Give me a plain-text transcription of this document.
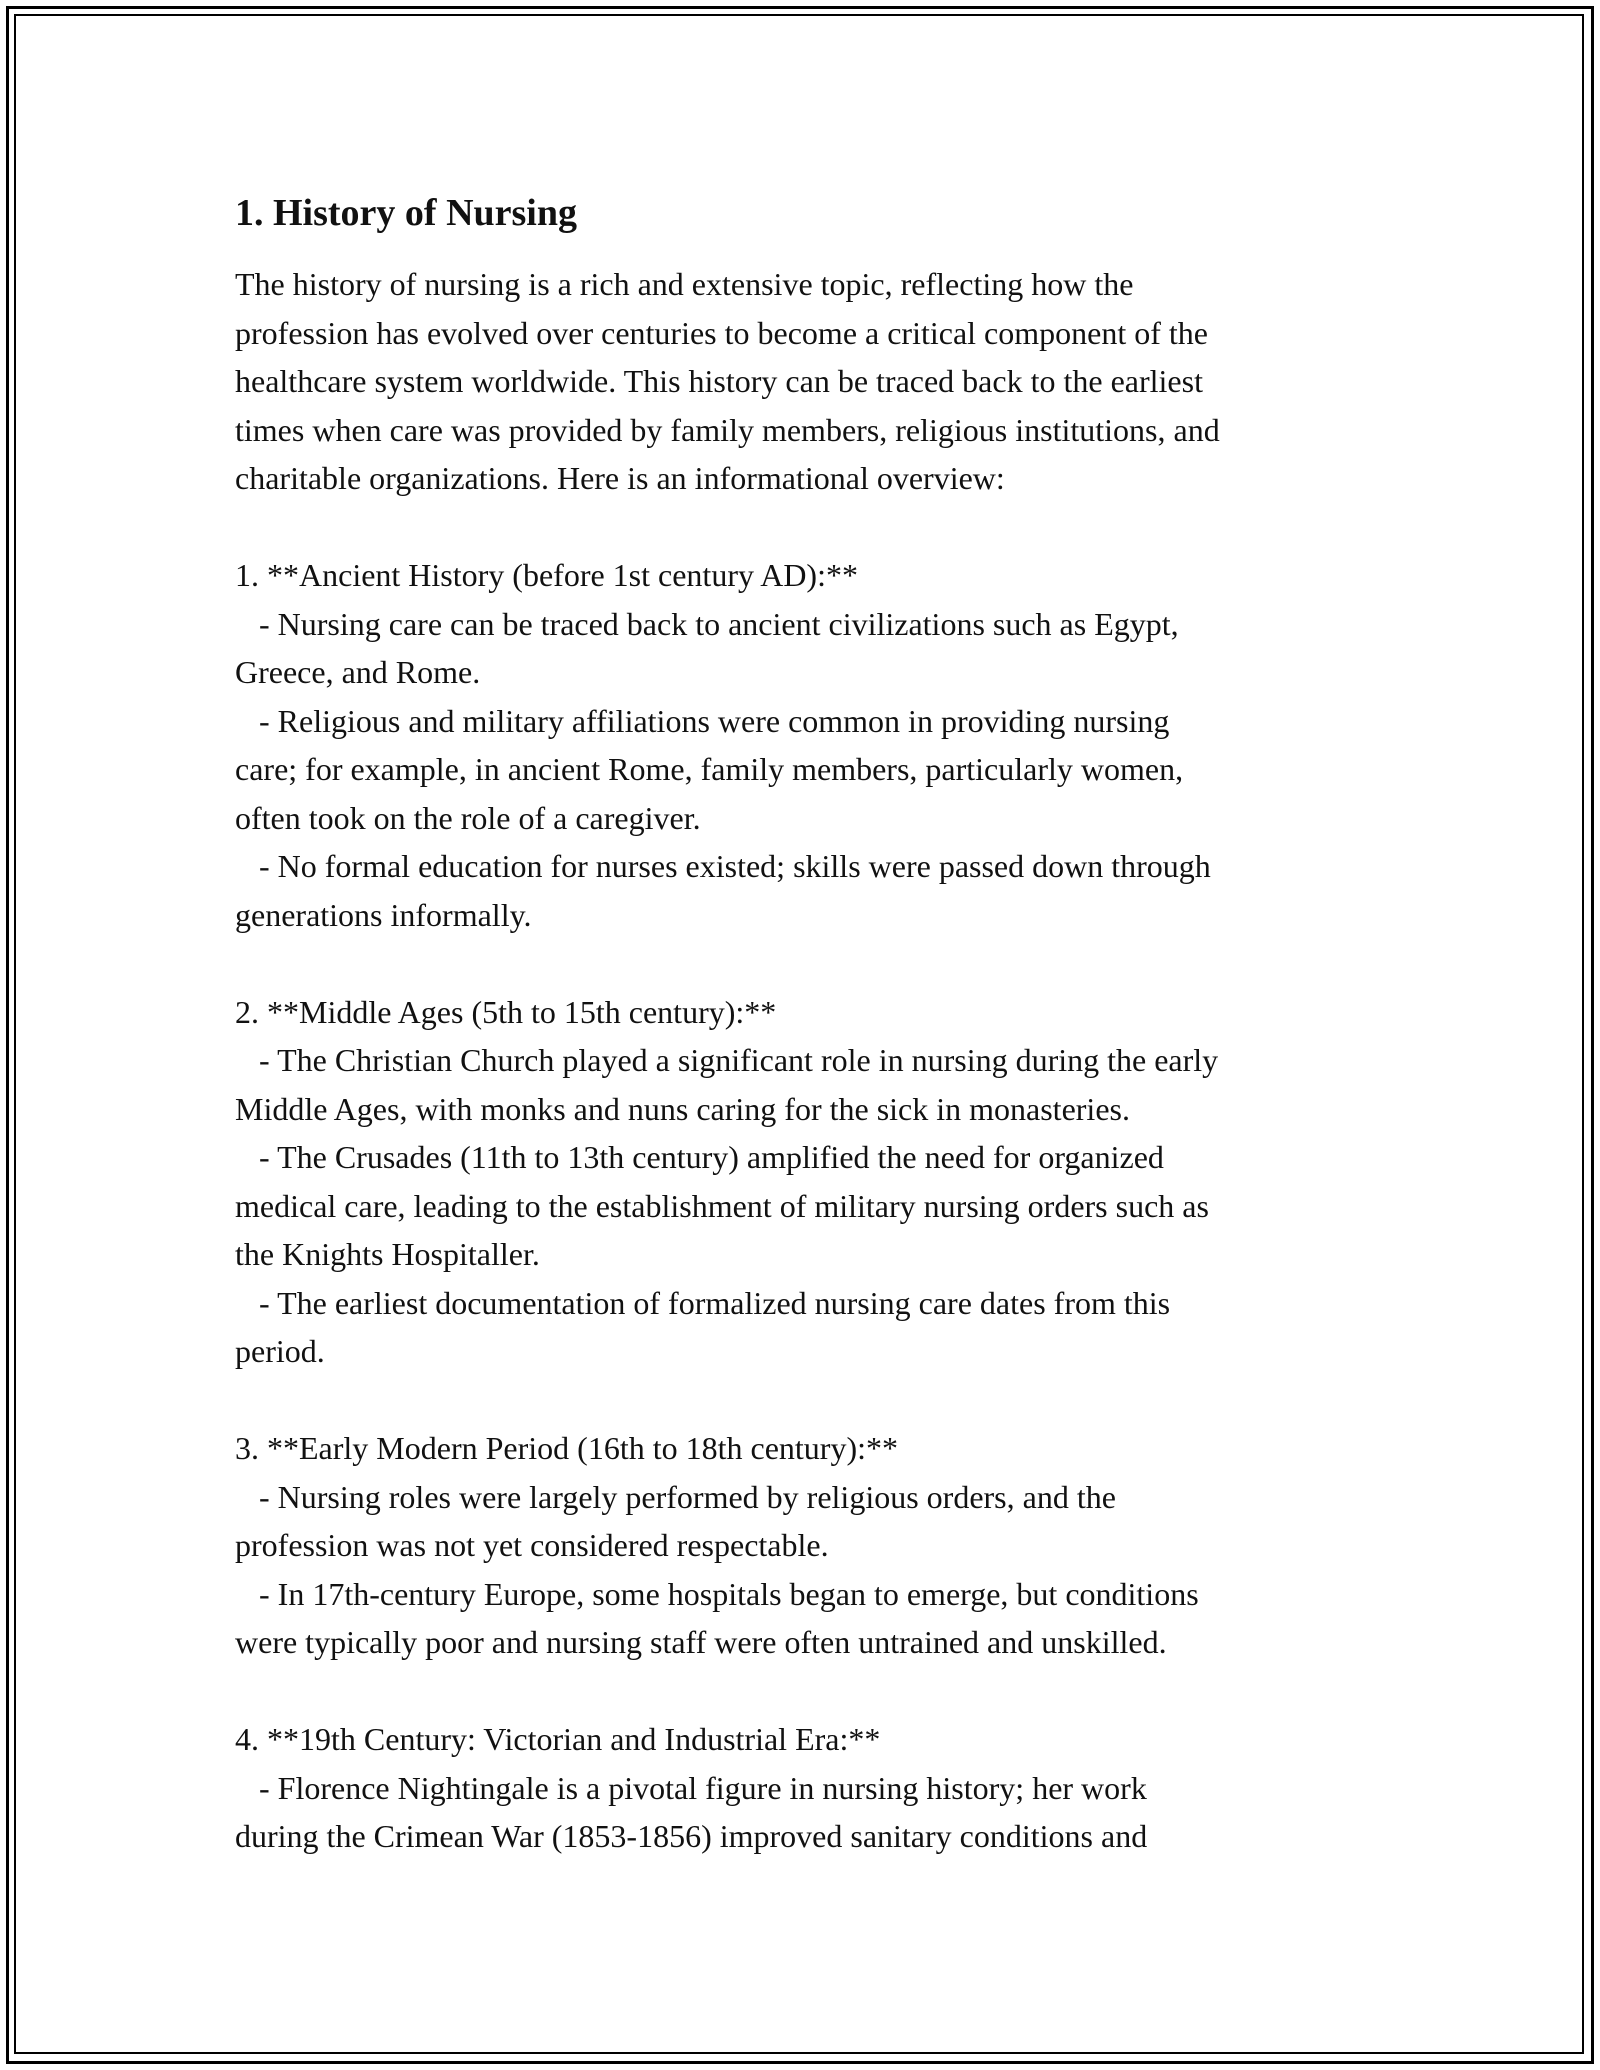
1. History of Nursing
The history of nursing is a rich and extensive topic, reflecting how the
profession has evolved over centuries to become a critical component of the
healthcare system worldwide. This history can be traced back to the earliest
times when care was provided by family members, religious institutions, and
charitable organizations. Here is an informational overview:
1. **Ancient History (before 1st century AD):**
- Nursing care can be traced back to ancient civilizations such as Egypt,
Greece, and Rome.
- Religious and military affiliations were common in providing nursing
care; for example, in ancient Rome, family members, particularly women,
often took on the role of a caregiver.
- No formal education for nurses existed; skills were passed down through
generations informally.
2. **Middle Ages (5th to 15th century):**
- The Christian Church played a significant role in nursing during the early
Middle Ages, with monks and nuns caring for the sick in monasteries.
- The Crusades (11th to 13th century) amplified the need for organized
medical care, leading to the establishment of military nursing orders such as
the Knights Hospitaller.
- The earliest documentation of formalized nursing care dates from this
period.
3. **Early Modern Period (16th to 18th century):**
- Nursing roles were largely performed by religious orders, and the
profession was not yet considered respectable.
- In 17th-century Europe, some hospitals began to emerge, but conditions
were typically poor and nursing staff were often untrained and unskilled.
4. **19th Century: Victorian and Industrial Era:**
- Florence Nightingale is a pivotal figure in nursing history; her work
during the Crimean War (1853-1856) improved sanitary conditions and
